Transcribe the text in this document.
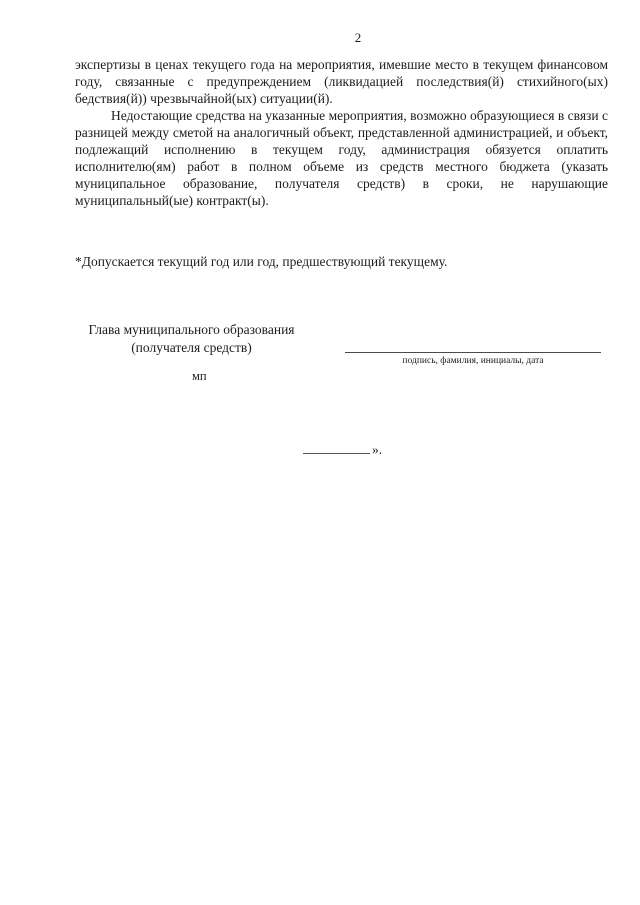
2

экспертизы в ценах текущего года на мероприятия, имевшие место в текущем финансовом году, связанные с предупреждением (ликвидацией последствия(й) стихийного(ых) бедствия(й)) чрезвычайной(ых) ситуации(й).

Недостающие средства на указанные мероприятия, возможно образующиеся в связи с разницей между сметой на аналогичный объект, представленной администрацией, и объект, подлежащий исполнению в текущем году, администрация обязуется оплатить исполнителю(ям) работ в полном объеме из средств местного бюджета (указать муниципальное образование, получателя средств) в сроки, не нарушающие муниципальный(ые) контракт(ы).

*Допускается текущий год или год, предшествующий текущему.
Глава муниципального образования
(получателя средств)
подпись, фамилия, инициалы, дата
мп
».
